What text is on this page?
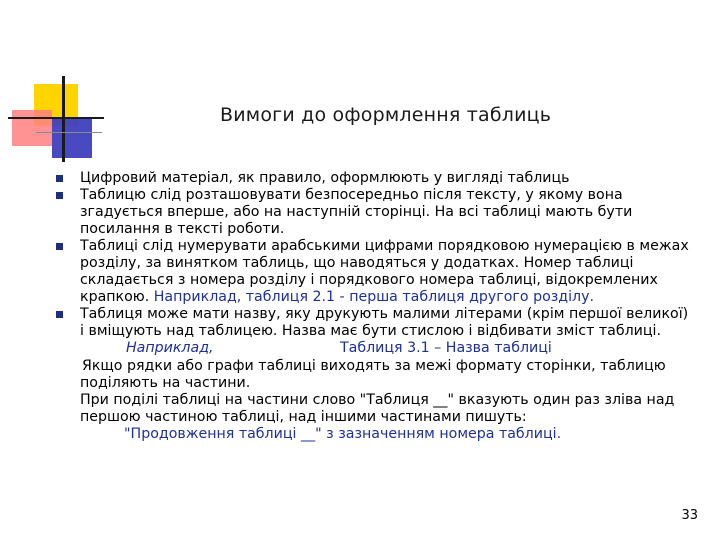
Вимоги до оформлення таблиць
Цифровий матеріал, як правило, оформлюють у вигляді таблиць
Таблицю слід розташовувати безпосередньо після тексту, у якому вона згадується вперше, або на наступній сторінці. На всі таблиці мають бути посилання в тексті роботи.
Таблиці слід нумерувати арабськими цифрами порядковою нумерацією в межах розділу, за винятком таблиць, що наводяться у додатках. Номер таблиці складається з номера розділу і порядкового номера таблиці, відокремлених крапкою. Наприклад, таблиця 2.1 - перша таблиця другого розділу.
Таблиця може мати назву, яку друкують малими літерами (крім першої великої) і вміщують над таблицею. Назва має бути стислою і відбивати зміст таблиці.
Наприклад,	Таблиця 3.1 – Назва таблиці
Якщо рядки або графи таблиці виходять за межі формату сторінки, таблицю поділяють на частини.
При поділі таблиці на частини слово "Таблиця __" вказують один раз зліва над першою частиною таблиці, над іншими частинами пишуть:
"Продовження таблиці __" з зазначенням номера таблиці.
33
